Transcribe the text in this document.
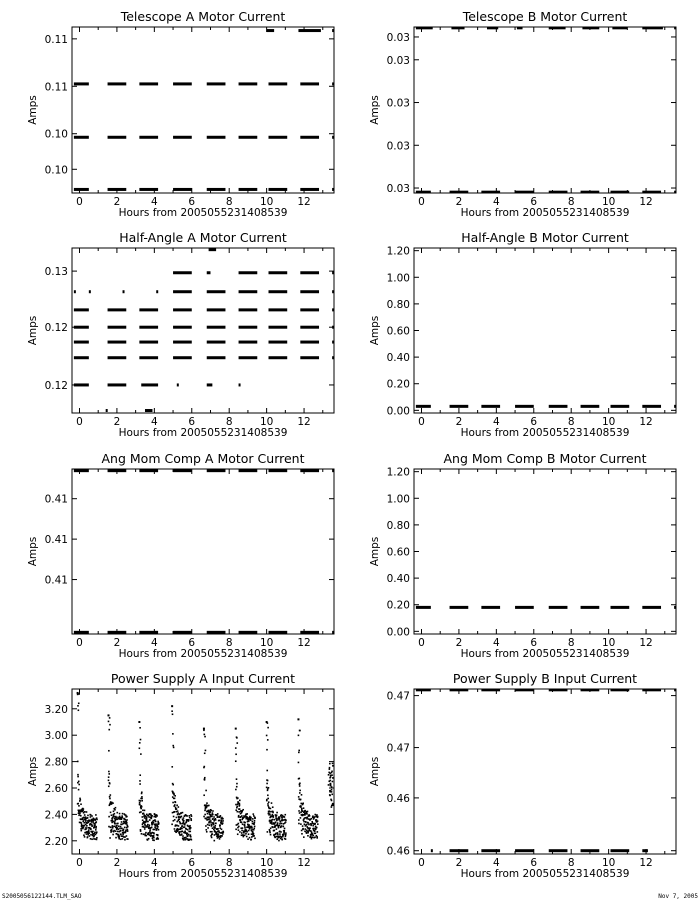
Telescope A Motor Current
0	2	4	6	8	10 12
Hours from 2005055231408539
Amps
0.10
0.10
0.11
0.11
Telescope B Motor Current
0	2	4	6	8	10 12
Hours from 2005055231408539
Amps
0.03
0.03
0.03
0.03
0.03
Half-Angle A Motor Current
0	2	4	6	8	10 12
Hours from 2005055231408539
Amps
0.12
0.12
0.13
Half-Angle B Motor Current
0	2	4	6	8	10 12
Hours from 2005055231408539
Amps
0.00
0.20
0.40
0.60
0.80
1.00
1.20
Ang Mom Comp A Motor Current
0	2	4	6	8	10 12
Hours from 2005055231408539
Amps
0.41
0.41
0.41
Ang Mom Comp B Motor Current
0	2	4	6	8	10 12
Hours from 2005055231408539
Amps
0.00
0.20
0.40
0.60
0.80
1.00
1.20
Power Supply A Input Current
0	2	4	6	8	10 12
Hours from 2005055231408539
Amps
2.20
2.40
2.60
2.80
3.00
3.20
Power Supply B Input Current
0	2	4	6	8	10 12
Hours from 2005055231408539
Amps
0.46
0.46
0.47
0.47
S2005056122144.TLM_SAO	Nov 7, 2005
